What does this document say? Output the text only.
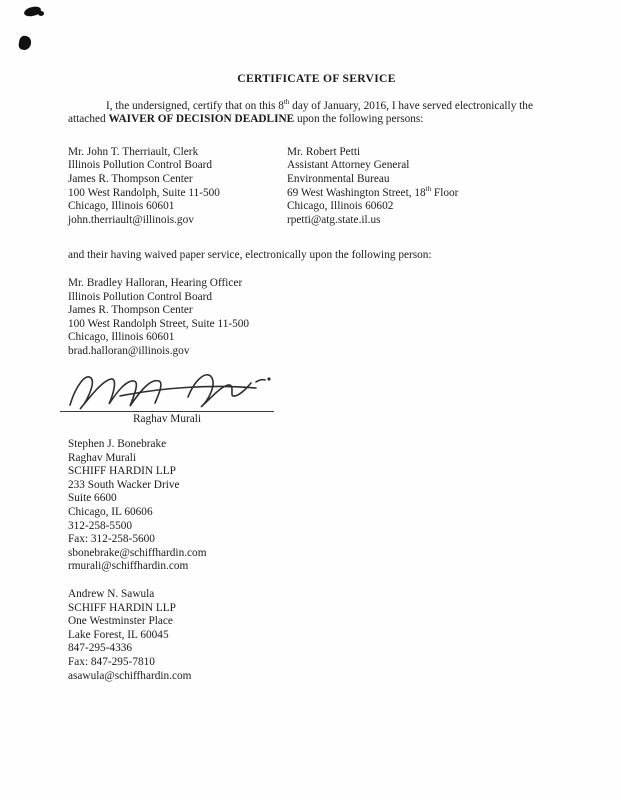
CERTIFICATE OF SERVICE

I, the undersigned, certify that on this 8th day of January, 2016, I have served electronically the attached WAIVER OF DECISION DEADLINE upon the following persons:

Mr. John T. Therriault, Clerk
Illinois Pollution Control Board
James R. Thompson Center
100 West Randolph, Suite 11-500
Chicago, Illinois 60601
john.therriault@illinois.gov
Mr. Robert Petti
Assistant Attorney General
Environmental Bureau
69 West Washington Street, 18th Floor
Chicago, Illinois 60602
rpetti@atg.state.il.us

and their having waived paper service, electronically upon the following person:

Mr. Bradley Halloran, Hearing Officer
Illinois Pollution Control Board
James R. Thompson Center
100 West Randolph Street, Suite 11-500
Chicago, Illinois 60601
brad.halloran@illinois.gov
Raghav Murali
Stephen J. Bonebrake
Raghav Murali
SCHIFF HARDIN LLP
233 South Wacker Drive
Suite 6600
Chicago, IL 60606
312-258-5500
Fax: 312-258-5600
sbonebrake@schiffhardin.com
rmurali@schiffhardin.com
Andrew N. Sawula
SCHIFF HARDIN LLP
One Westminster Place
Lake Forest, IL 60045
847-295-4336
Fax: 847-295-7810
asawula@schiffhardin.com
